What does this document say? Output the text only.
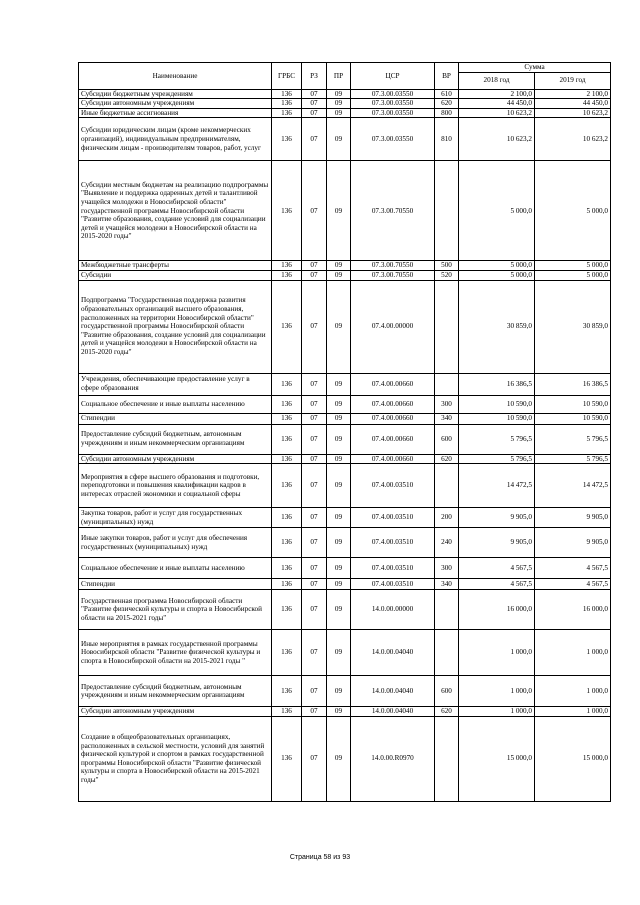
Наименование	ГРБС	РЗ	ПР	ЦСР	ВР	Сумма	
						2018 год	2019 год
Субсидии бюджетным учреждениям	136	07	09	07.3.00.03550	610	2 100,0	2 100,0
Субсидии автономным учреждениям	136	07	09	07.3.00.03550	620	44 450,0	44 450,0
Иные бюджетные ассигнования	136	07	09	07.3.00.03550	800	10 623,2	10 623,2
Субсидии юридическим лицам (кроме некоммерческих организаций), индивидуальным предпринимателям, физическим лицам - производителям товаров, работ, услуг	136	07	09	07.3.00.03550	810	10 623,2	10 623,2
Субсидии местным бюджетам на реализацию подпрограммы "Выявление и поддержка одаренных детей и талантливой учащейся молодежи в Новосибирской области" государственной программы Новосибирской области "Развитие образования, создание условий для социализации детей и учащейся молодежи в Новосибирской области на 2015-2020 годы"	136	07	09	07.3.00.70550		5 000,0	5 000,0
Межбюджетные трансферты	136	07	09	07.3.00.70550	500	5 000,0	5 000,0
Субсидии	136	07	09	07.3.00.70550	520	5 000,0	5 000,0
Подпрограмма "Государственная поддержка развития образовательных организаций высшего образования, расположенных на территории Новосибирской области" государственной программы Новосибирской области "Развитие образования, создание условий для социализации детей и учащейся молодежи в Новосибирской области на 2015-2020 годы"	136	07	09	07.4.00.00000		30 859,0	30 859,0
Учреждения, обеспечивающие предоставление услуг в сфере образования	136	07	09	07.4.00.00660		16 386,5	16 386,5
Социальное обеспечение и иные выплаты населению	136	07	09	07.4.00.00660	300	10 590,0	10 590,0
Стипендии	136	07	09	07.4.00.00660	340	10 590,0	10 590,0
Предоставление субсидий бюджетным, автономным учреждениям и иным некоммерческим организациям	136	07	09	07.4.00.00660	600	5 796,5	5 796,5
Субсидии автономным учреждениям	136	07	09	07.4.00.00660	620	5 796,5	5 796,5
Мероприятия в сфере высшего образования и подготовки, переподготовки и повышения квалификации кадров в интересах отраслей экономики и социальной сферы	136	07	09	07.4.00.03510		14 472,5	14 472,5
Закупка товаров, работ и услуг для государственных (муниципальных) нужд	136	07	09	07.4.00.03510	200	9 905,0	9 905,0
Иные закупки товаров, работ и услуг для обеспечения государственных (муниципальных) нужд	136	07	09	07.4.00.03510	240	9 905,0	9 905,0
Социальное обеспечение и иные выплаты населению	136	07	09	07.4.00.03510	300	4 567,5	4 567,5
Стипендии	136	07	09	07.4.00.03510	340	4 567,5	4 567,5
Государственная программа Новосибирской области "Развитие физической культуры и спорта в Новосибирской области на 2015-2021 годы"	136	07	09	14.0.00.00000		16 000,0	16 000,0
Иные мероприятия в рамках государственной программы Новосибирской области "Развитие физической культуры и спорта в Новосибирской области на 2015-2021 годы "	136	07	09	14.0.00.04040		1 000,0	1 000,0
Предоставление субсидий бюджетным, автономным учреждениям и иным некоммерческим организациям	136	07	09	14.0.00.04040	600	1 000,0	1 000,0
Субсидии автономным учреждениям	136	07	09	14.0.00.04040	620	1 000,0	1 000,0
Создание в общеобразовательных организациях, расположенных в сельской местности, условий для занятий физической культурой и спортом в рамках государственной программы Новосибирской области "Развитие физической культуры и спорта в Новосибирской области на 2015-2021 годы"	136	07	09	14.0.00.R0970		15 000,0	15 000,0
Страница 58 из 93
